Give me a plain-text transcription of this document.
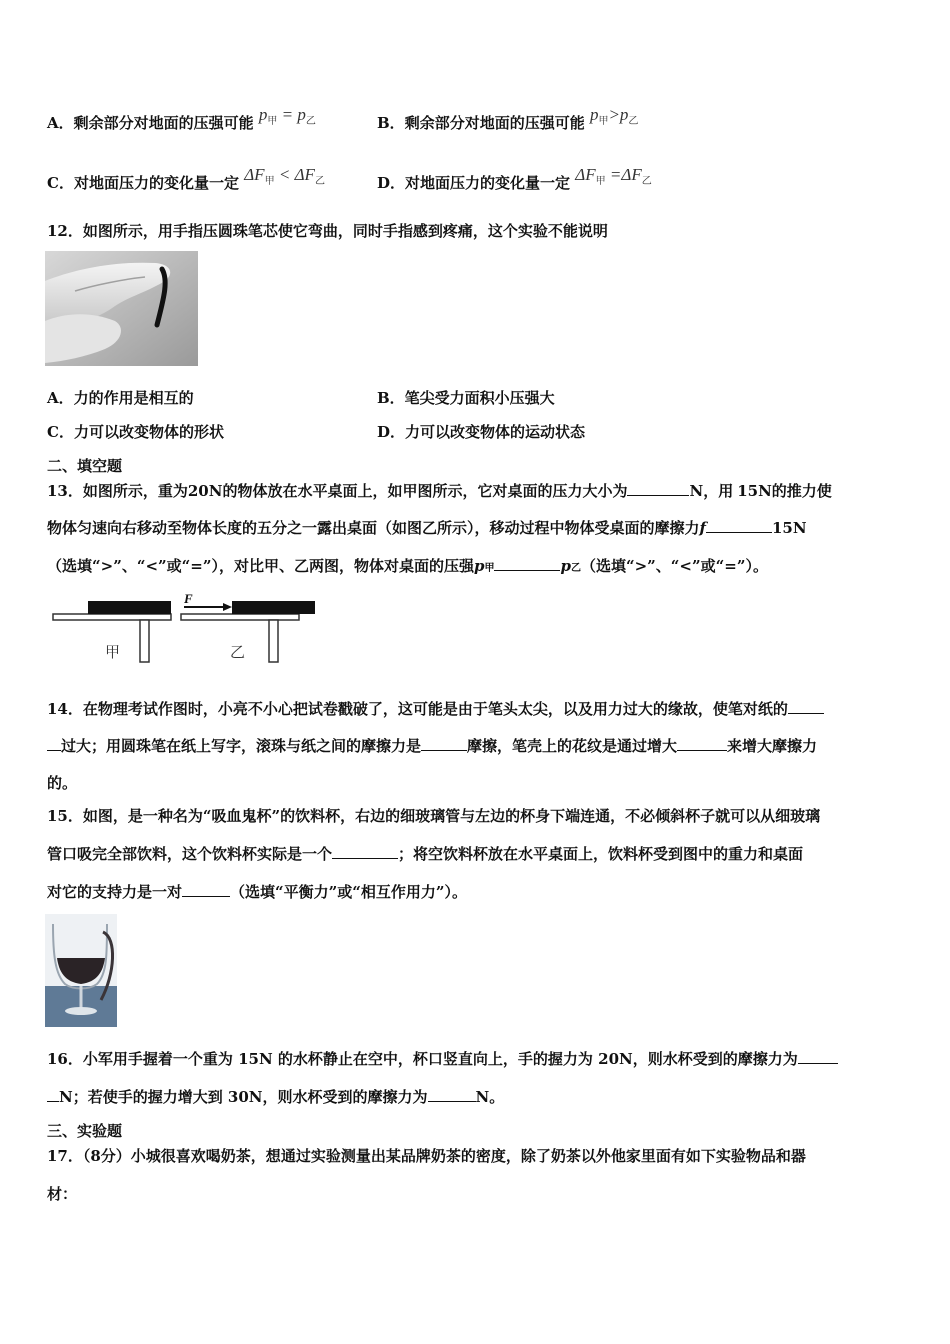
A．剩余部分对地面的压强可能 $p_甲 = p_乙$	B．剩余部分对地面的压强可能 $p_甲>p_乙$
C．对地面压力的变化量一定 $\Delta F_甲 < \Delta F_乙$	D．对地面压力的变化量一定 $\Delta F_甲 =\Delta F_乙$
12．如图所示，用手指压圆珠笔芯使它弯曲，同时手指感到疼痛，这个实验不能说明
A．力的作用是相互的	B．笔尖受力面积小压强大
C．力可以改变物体的形状	D．力可以改变物体的运动状态
二、填空题
13．如图所示，重为20N的物体放在水平桌面上，如甲图所示，它对桌面的压力大小为	N，用 15N的推力使
物体匀速向右移动至物体长度的五分之一露出桌面（如图乙所示），移动过程中物体受桌面的摩擦力f	15N
（选填“>”、“<”或“=”），对比甲、乙两图，物体对桌面的压强p甲	p乙（选填“>”、“<”或“=”）。
甲
F
乙
14．在物理考试作图时，小亮不小心把试卷戳破了，这可能是由于笔头太尖，以及用力过大的缘故，使笔对纸的
过大；用圆珠笔在纸上写字，滚珠与纸之间的摩擦力是	摩擦，笔壳上的花纹是通过增大	来增大摩擦力
的。
15．如图，是一种名为“吸血鬼杯”的饮料杯，右边的细玻璃管与左边的杯身下端连通，不必倾斜杯子就可以从细玻璃
管口吸完全部饮料，这个饮料杯实际是一个	；将空饮料杯放在水平桌面上，饮料杯受到图中的重力和桌面
对它的支持力是一对	（选填“平衡力”或“相互作用力”）。
16．小军用手握着一个重为 15N 的水杯静止在空中，杯口竖直向上，手的握力为 20N，则水杯受到的摩擦力为
N；若使手的握力增大到 30N，则水杯受到的摩擦力为	N。
三、实验题
17．（8分）小城很喜欢喝奶茶，想通过实验测量出某品牌奶茶的密度，除了奶茶以外他家里面有如下实验物品和器
材：
